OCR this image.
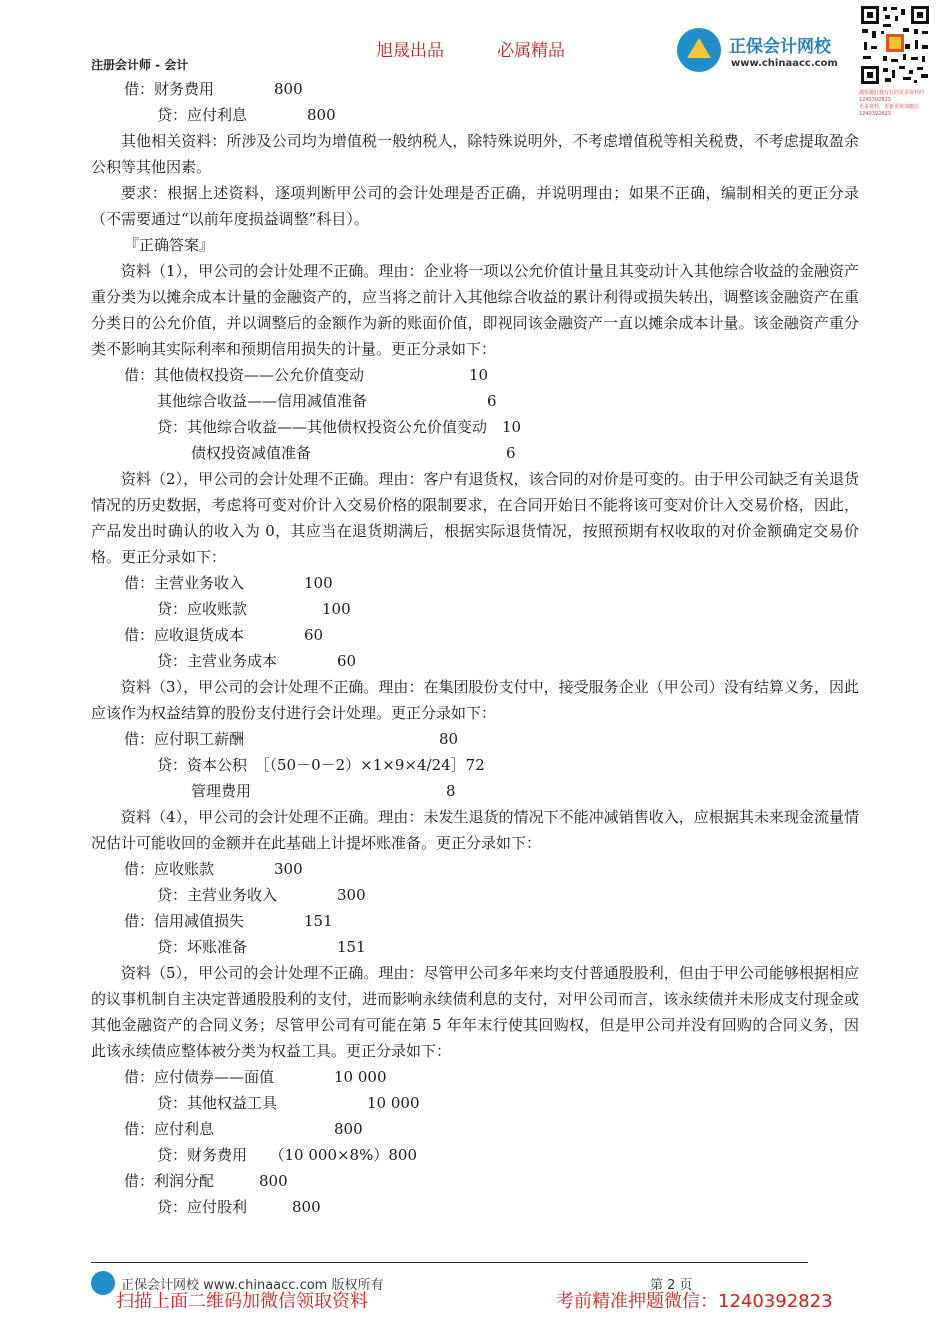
旭晟出品	必属精品
注册会计师 - 会计
正保会计网校
www.chinaacc.com
越快越好越有好的更多资料的 1240392823
更多资料，更新更快加微信 1240392823
借：财务费用　　　　800
贷：应付利息　　　　800
其他相关资料：所涉及公司均为增值税一般纳税人，除特殊说明外，不考虑增值税等相关税费，不考虑提取盈余公积等其他因素。
要求：根据上述资料，逐项判断甲公司的会计处理是否正确，并说明理由；如果不正确，编制相关的更正分录（不需要通过“以前年度损益调整”科目）。
『正确答案』
资料（1），甲公司的会计处理不正确。理由：企业将一项以公允价值计量且其变动计入其他综合收益的金融资产重分类为以摊余成本计量的金融资产的，应当将之前计入其他综合收益的累计利得或损失转出，调整该金融资产在重分类日的公允价值，并以调整后的金额作为新的账面价值，即视同该金融资产一直以摊余成本计量。该金融资产重分类不影响其实际利率和预期信用损失的计量。更正分录如下：
借：其他债权投资——公允价值变动　　　　　　　10
其他综合收益——信用减值准备　　　　　　　　6
贷：其他综合收益——其他债权投资公允价值变动　10
债权投资减值准备　　　　　　　　　　　　　6
资料（2），甲公司的会计处理不正确。理由：客户有退货权，该合同的对价是可变的。由于甲公司缺乏有关退货情况的历史数据，考虑将可变对价计入交易价格的限制要求，在合同开始日不能将该可变对价计入交易价格，因此，产品发出时确认的收入为 0，其应当在退货期满后，根据实际退货情况，按照预期有权收取的对价金额确定交易价格。更正分录如下：
借：主营业务收入　　　　100
贷：应收账款　　　　　100
借：应收退货成本　　　　60
贷：主营业务成本　　　　60
资料（3），甲公司的会计处理不正确。理由：在集团股份支付中，接受服务企业（甲公司）没有结算义务，因此应该作为权益结算的股份支付进行会计处理。更正分录如下：
借：应付职工薪酬　　　　　　　　　　　　　80
贷：资本公积　［（50－0－2）×1×9×4/24］72
管理费用　　　　　　　　　　　　　8
资料（4），甲公司的会计处理不正确。理由：未发生退货的情况下不能冲减销售收入，应根据其未来现金流量情况估计可能收回的金额并在此基础上计提坏账准备。更正分录如下：
借：应收账款　　　　300
贷：主营业务收入　　　　300
借：信用减值损失　　　　151
贷：坏账准备　　　　　　151
资料（5），甲公司的会计处理不正确。理由：尽管甲公司多年来均支付普通股股利，但由于甲公司能够根据相应的议事机制自主决定普通股股利的支付，进而影响永续债利息的支付，对甲公司而言，该永续债并未形成支付现金或其他金融资产的合同义务；尽管甲公司有可能在第 5 年年末行使其回购权，但是甲公司并没有回购的合同义务，因此该永续债应整体被分类为权益工具。更正分录如下：
借：应付债券——面值　　　　10 000
贷：其他权益工具　　　　　　10 000
借：应付利息　　　　　　　　800
贷：财务费用　　（10 000×8%）800
借：利润分配　　　800
贷：应付股利　　　800
正保会计网校 www.chinaacc.com 版权所有	第 2 页
扫描上面二维码加微信领取资料	考前精准押题微信：1240392823
